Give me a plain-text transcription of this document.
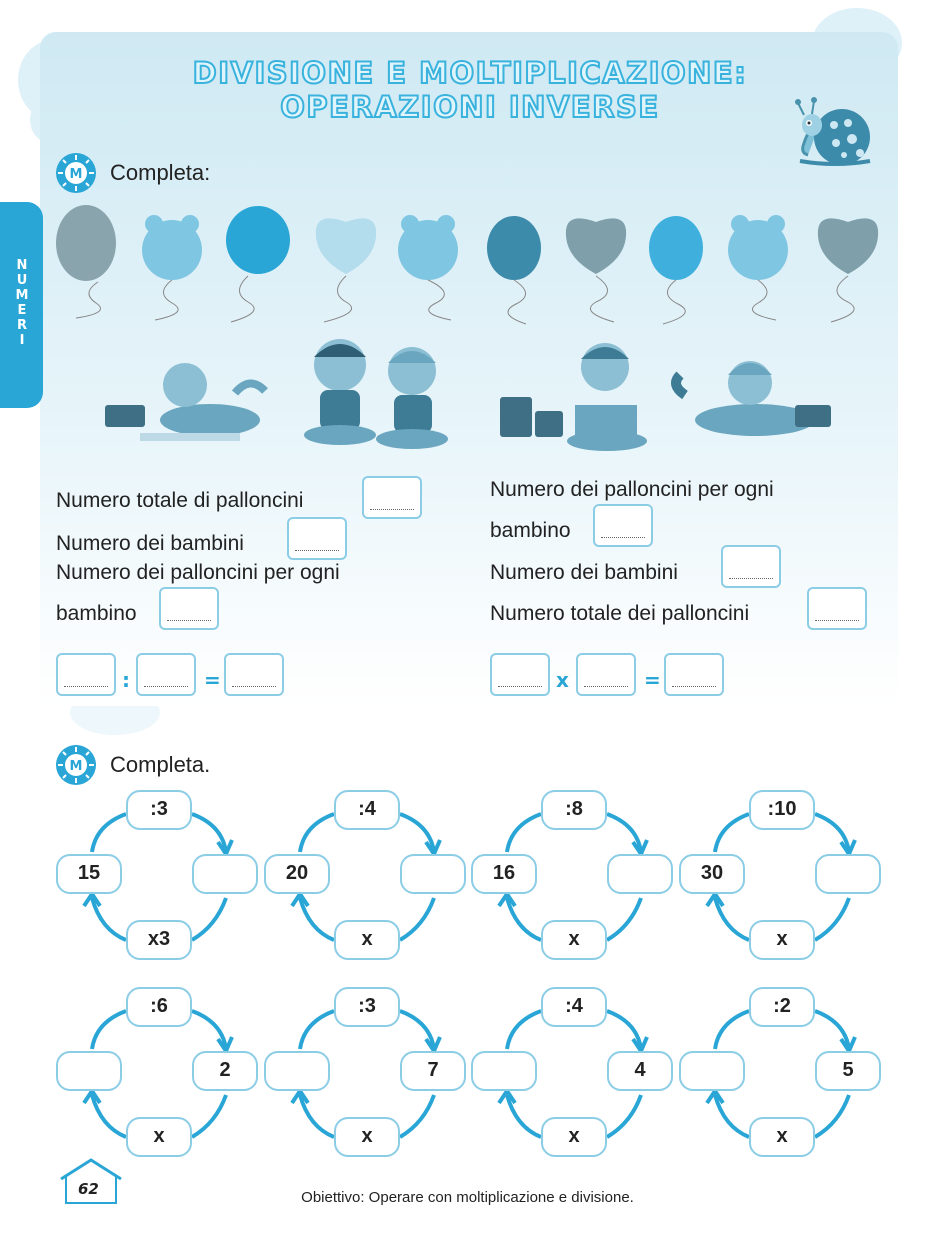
DIVISIONE E MOLTIPLICAZIONE:
OPERAZIONI INVERSE
N
U
M
E
R
I
M Completa:
Numero totale di palloncini
Numero dei bambini
Numero dei palloncini per ogni
bambino
:	=
Numero dei palloncini per ogni
bambino
Numero dei bambini
Numero totale dei palloncini
x	=
M Completa.
:3
15
x3
:4
20
x
:8
16
x
:10
30
x
:6
2
x
:3
7
x
:4
4
x
:2
5
x
62	Obiettivo: Operare con moltiplicazione e divisione.
